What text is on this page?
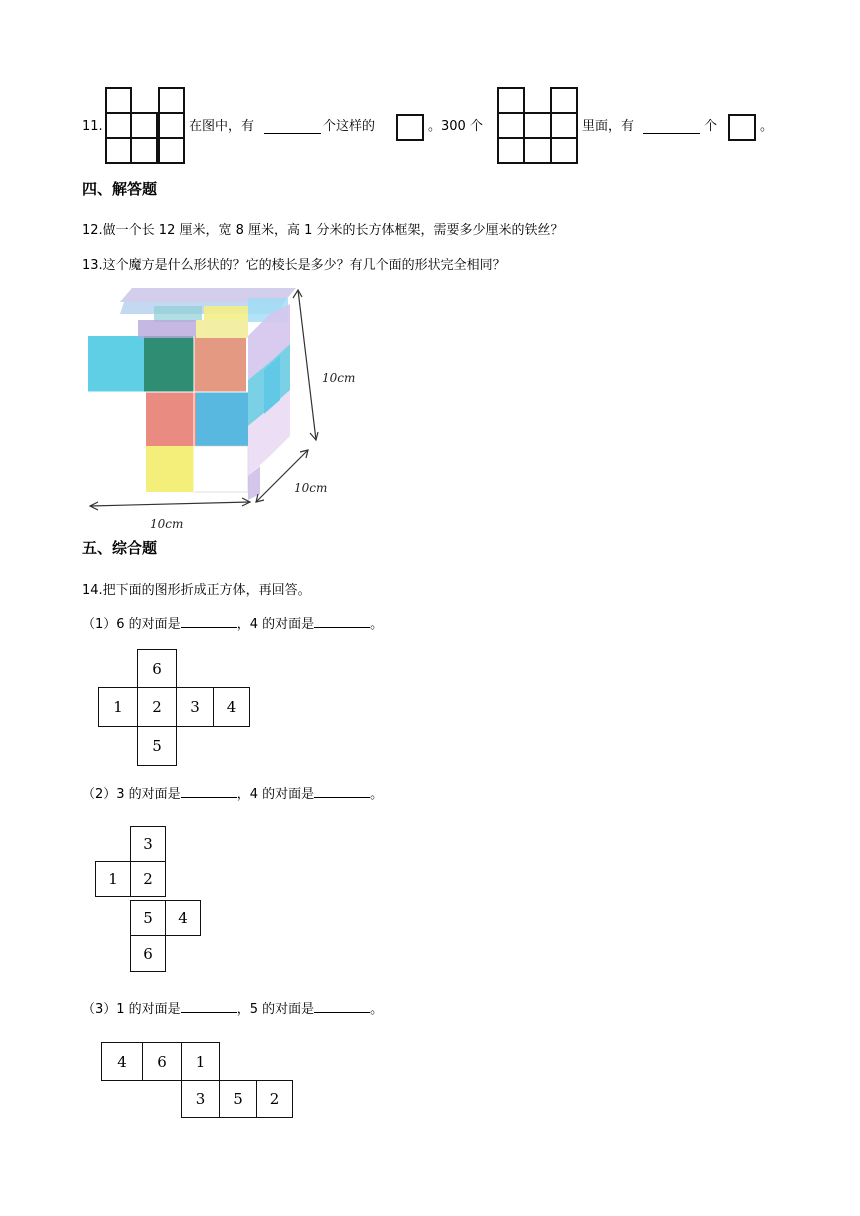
11.	在图中，有	个这样的	。300 个	里面，有	个	。
四、解答题
12.做一个长 12 厘米，宽 8 厘米，高 1 分米的长方体框架，需要多少厘米的铁丝？
13.这个魔方是什么形状的？它的棱长是多少？有几个面的形状完全相同？
10cm
10cm
10cm
五、综合题
14.把下面的图形折成正方体，再回答。
（1）6 的对面是	，4 的对面是	。
6
1	2	3	4
5
（2）3 的对面是	，4 的对面是	。
3
1	2
5	4
6
（3）1 的对面是	，5 的对面是	。
4	6	1
3	5	2
